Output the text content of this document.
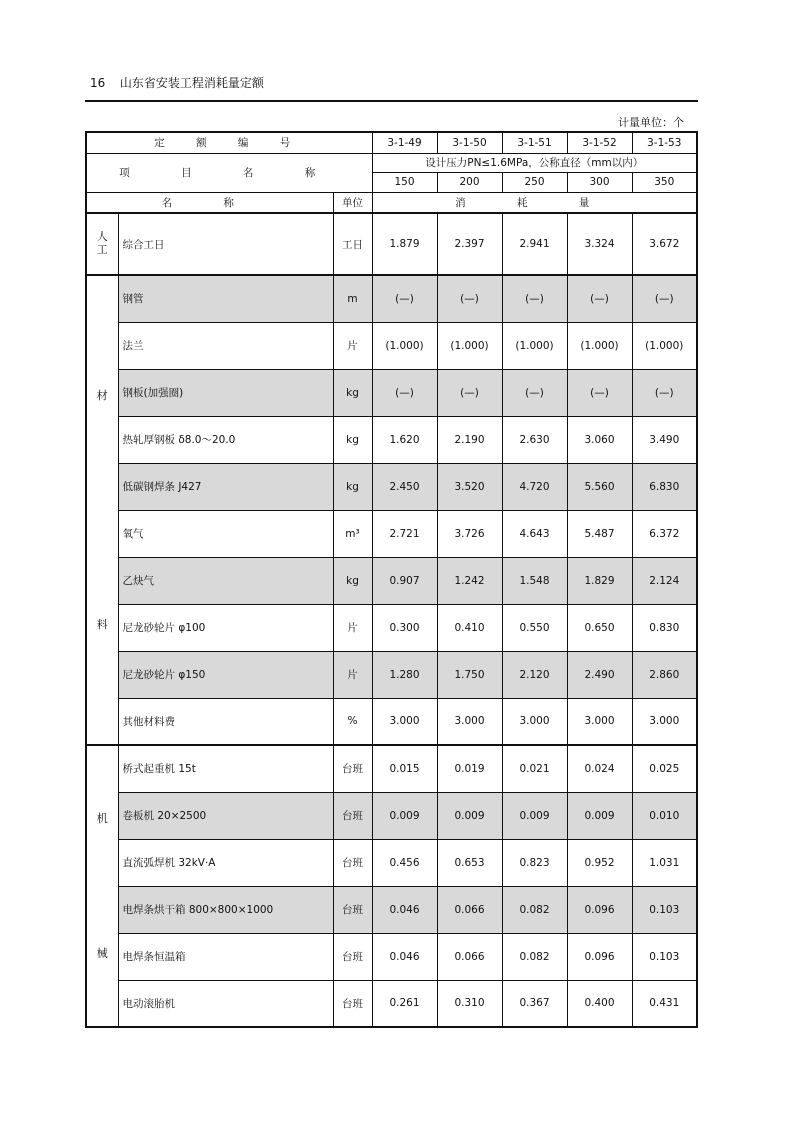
16 山东省安装工程消耗量定额
计量单位：个
定 额 编 号			3-1-49	3-1-50	3-1-51	3-1-52	3-1-53
项 目 名 称			设计压力PN≤1.6MPa，公称直径（mm以内）				
			150	200	250	300	350
名 称		单位	消 耗 量				
人工	综合工日	工日	1.879	2.397	2.941	3.324	3.672
材料	钢管	m	(—)	(—)	(—)	(—)	(—)
	法兰	片	(1.000)	(1.000)	(1.000)	(1.000)	(1.000)
	钢板(加强圈)	kg	(—)	(—)	(—)	(—)	(—)
	热轧厚钢板 δ8.0～20.0	kg	1.620	2.190	2.630	3.060	3.490
	低碳钢焊条 J427	kg	2.450	3.520	4.720	5.560	6.830
	氧气	m³	2.721	3.726	4.643	5.487	6.372
	乙炔气	kg	0.907	1.242	1.548	1.829	2.124
	尼龙砂轮片 φ100	片	0.300	0.410	0.550	0.650	0.830
	尼龙砂轮片 φ150	片	1.280	1.750	2.120	2.490	2.860
	其他材料费	%	3.000	3.000	3.000	3.000	3.000
机械	桥式起重机 15t	台班	0.015	0.019	0.021	0.024	0.025
	卷板机 20×2500	台班	0.009	0.009	0.009	0.009	0.010
	直流弧焊机 32kV·A	台班	0.456	0.653	0.823	0.952	1.031
	电焊条烘干箱 800×800×1000	台班	0.046	0.066	0.082	0.096	0.103
	电焊条恒温箱	台班	0.046	0.066	0.082	0.096	0.103
	电动滚胎机	台班	0.261	0.310	0.367	0.400	0.431
